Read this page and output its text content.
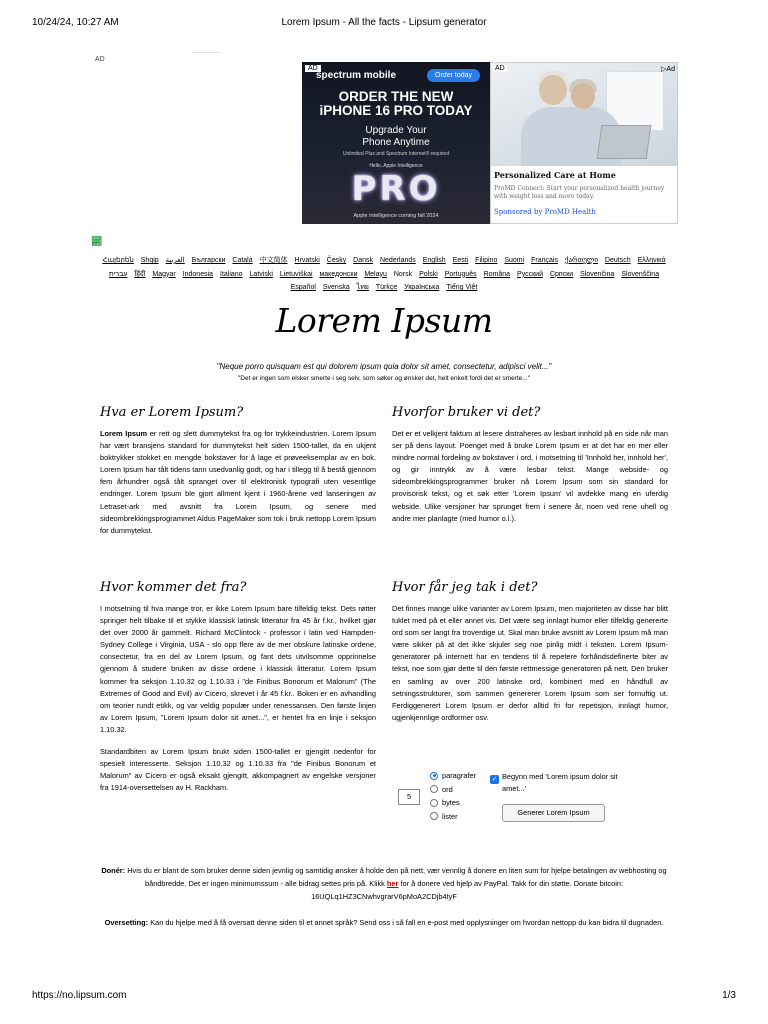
10/24/24, 10:27 AM	Lorem Ipsum - All the facts - Lipsum generator
AD
AD
spectrum mobile	Order today
ORDER THE NEW
iPHONE 16 PRO TODAY
Upgrade Your
Phone Anytime
Unlimited Plus and Spectrum Internet® required
Hello, Apple Intelligence
PRO
Apple Intelligence coming fall 2024
AD	▷Ad
Personalized Care at Home
ProMD Connect: Start your personalized health journey with weight loss and more today.
Sponsored by ProMD Health
📈︎
Հայերեն Shqip ‏العربية Български Català 中文简体 Hrvatski Česky Dansk Nederlands English Eesti Filipino Suomi Français ქართული Deutsch Ελληνικά ‏עברית हिंदी Magyar Indonesia Italiano Latviski Lietuviškai македонски Melayu Norsk Polski Português Româna Pусский Српски Slovenčina Slovenščina Español Svenska ไทย Türkçe Українська Tiếng Việt
Lorem Ipsum
"Neque porro quisquam est qui dolorem ipsum quia dolor sit amet, consectetur, adipisci velit..."
"Det er ingen som elsker smerte i seg selv, som søker og ønsker det, helt enkelt fordi det er smerte..."
Hva er Lorem Ipsum?

Lorem Ipsum er rett og slett dummytekst fra og for trykkeindustrien. Lorem Ipsum har vært bransjens standard for dummytekst helt siden 1500-tallet, da en ukjent boktrykker stokket en mengde bokstaver for å lage et prøveeksemplar av en bok. Lorem Ipsum har tålt tidens tann usedvanlig godt, og har i tillegg til å bestå gjennom fem århundrer også tålt spranget over til elektronisk typografi uten vesentlige endringer. Lorem Ipsum ble gjort allment kjent i 1960-årene ved lanseringen av Letraset-ark med avsnitt fra Lorem Ipsum, og senere med sideombrekkingsprogrammet Aldus PageMaker som tok i bruk nettopp Lorem Ipsum for dummytekst.

Hvorfor bruker vi det?

Det er et velkjent faktum at lesere distraheres av lesbart innhold på en side når man ser på dens layout. Poenget med å bruke Lorem Ipsum er at det har en mer eller mindre normal fordeling av bokstaver i ord, i motsetning til 'Innhold her, innhold her', og gir inntrykk av å være lesbar tekst. Mange webside- og sideombrekkingsprogrammer bruker nå Lorem Ipsum som sin standard for provisorisk tekst, og et søk etter 'Lorem Ipsum' vil avdekke mang en uferdig webside. Ulike versjoner har sprunget frem i senere år, noen ved rene uhell og andre mer planlagte (med humor o.l.).

Hvor kommer det fra?

I motsetning til hva mange tror, er ikke Lorem Ipsum bare tilfeldig tekst. Dets røtter springer helt tilbake til et stykke klassisk latinsk litteratur fra 45 år f.kr., hvilket gjør det over 2000 år gammelt. Richard McClintock - professor i latin ved Hampden-Sydney College i Virginia, USA - slo opp flere av de mer obskure latinske ordene, consectetur, fra en del av Lorem Ipsum, og fant dets utvilsomme opprinnelse gjennom å studere bruken av disse ordene i klassisk litteratur. Lorem Ipsum kommer fra seksjon 1.10.32 og 1.10.33 i "de Finibus Bonorum et Malorum" (The Extremes of Good and Evil) av Cicero, skrevet i år 45 f.kr.. Boken er en avhandling om teorier rundt etikk, og var veldig populær under renessansen. Den første linjen av Lorem Ipsum, "Lorem Ipsum dolor sit amet...", er hentet fra en linje i seksjon 1.10.32.

Standardbiten av Lorem Ipsum brukt siden 1500-tallet er gjengitt nedenfor for spesielt interesserte. Seksjon 1.10.32 og 1.10.33 fra "de Finibus Bonorum et Malorum" av Cicero er også eksakt gjengitt, akkompagnert av engelske versjoner fra 1914-oversettelsen av H. Rackham.

Hvor får jeg tak i det?

Det finnes mange ulike varianter av Lorem Ipsum, men majoriteten av disse har blitt tuklet med på et eller annet vis. Det være seg innlagt humor eller tilfeldig genererte ord som ser langt fra troverdige ut. Skal man bruke avsnitt av Lorem Ipsum må man være sikker på at det ikke skjuler seg noe pinlig midt i teksten. Lorem Ipsum-generatorer på internett har en tendens til å repetere forhåndsdefinerte biter av tekst, noe som gjør dette til den første rettmessige generatoren på nett. Den bruker en samling av over 200 latinske ord, kombinert med en håndfull av setningsstrukturer, som sammen genererer Lorem Ipsum som ser fornuftig ut. Ferdiggenerert Lorem Ipsum er derfor alltid fri for repetisjon, innlagt humor, ugjenkjennlige ordformer osv.

5
paragrafer
ord
bytes
lister
✓ Begynn med 'Lorem ipsum dolor sit amet...'
Generer Lorem Ipsum
Donér: Hvis du er blant de som bruker denne siden jevnlig og samtidig ønsker å holde den på nett, vær vennlig å donere en liten sum for hjelpe betalingen av webhosting og båndbredde. Det er ingen minimumssum - alle bidrag settes pris på. Klikk her for å donere ved hjelp av PayPal. Takk for din støtte. Donate bitcoin: 16UQLq1HZ3CNwhvgrarV6pMoA2CDjb4tyF
Oversetting: Kan du hjelpe med å få oversatt denne siden til et annet språk? Send oss i så fall en e-post med opplysninger om hvordan nettopp du kan bidra til dugnaden.
https://no.lipsum.com	1/3
